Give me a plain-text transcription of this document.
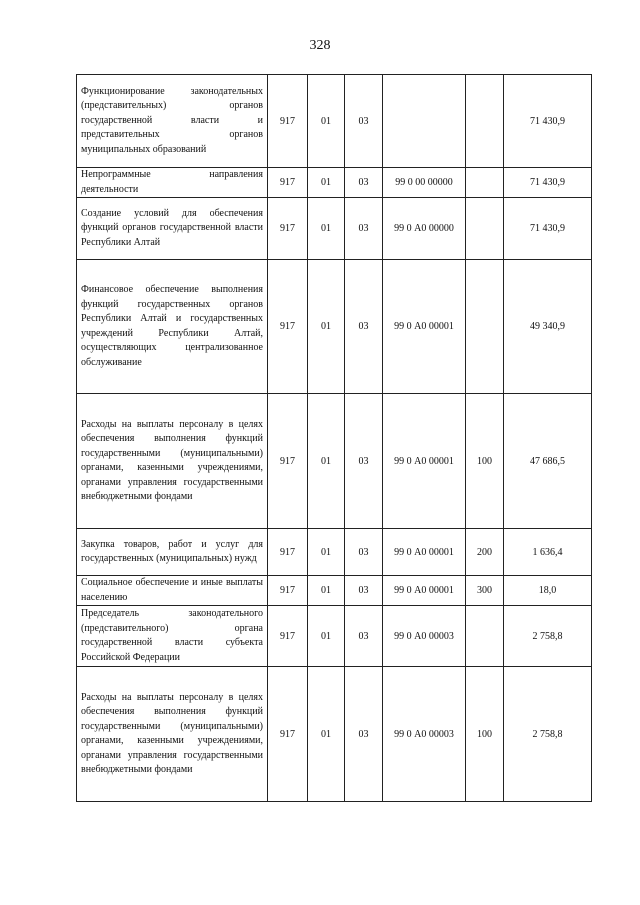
328
Функционирование законодательных (представительных) органов государственной власти и представительных органов муниципальных образований	917	01	03			71 430,9
Непрограммные направления деятельности	917	01	03	99 0 00 00000		71 430,9
Создание условий для обеспечения функций органов государственной власти Республики Алтай	917	01	03	99 0 А0 00000		71 430,9
Финансовое обеспечение выполнения функций государственных органов Республики Алтай и государственных учреждений Республики Алтай, осуществляющих централизованное обслуживание	917	01	03	99 0 А0 00001		49 340,9
Расходы на выплаты персоналу в целях обеспечения выполнения функций государственными (муниципальными) органами, казенными учреждениями, органами управления государственными внебюджетными фондами	917	01	03	99 0 А0 00001	100	47 686,5
Закупка товаров, работ и услуг для государственных (муниципальных) нужд	917	01	03	99 0 А0 00001	200	1 636,4
Социальное обеспечение и иные выплаты населению	917	01	03	99 0 А0 00001	300	18,0
Председатель законодательного (представительного) органа государственной власти субъекта Российской Федерации	917	01	03	99 0 А0 00003		2 758,8
Расходы на выплаты персоналу в целях обеспечения выполнения функций государственными (муниципальными) органами, казенными учреждениями, органами управления государственными внебюджетными фондами	917	01	03	99 0 А0 00003	100	2 758,8
